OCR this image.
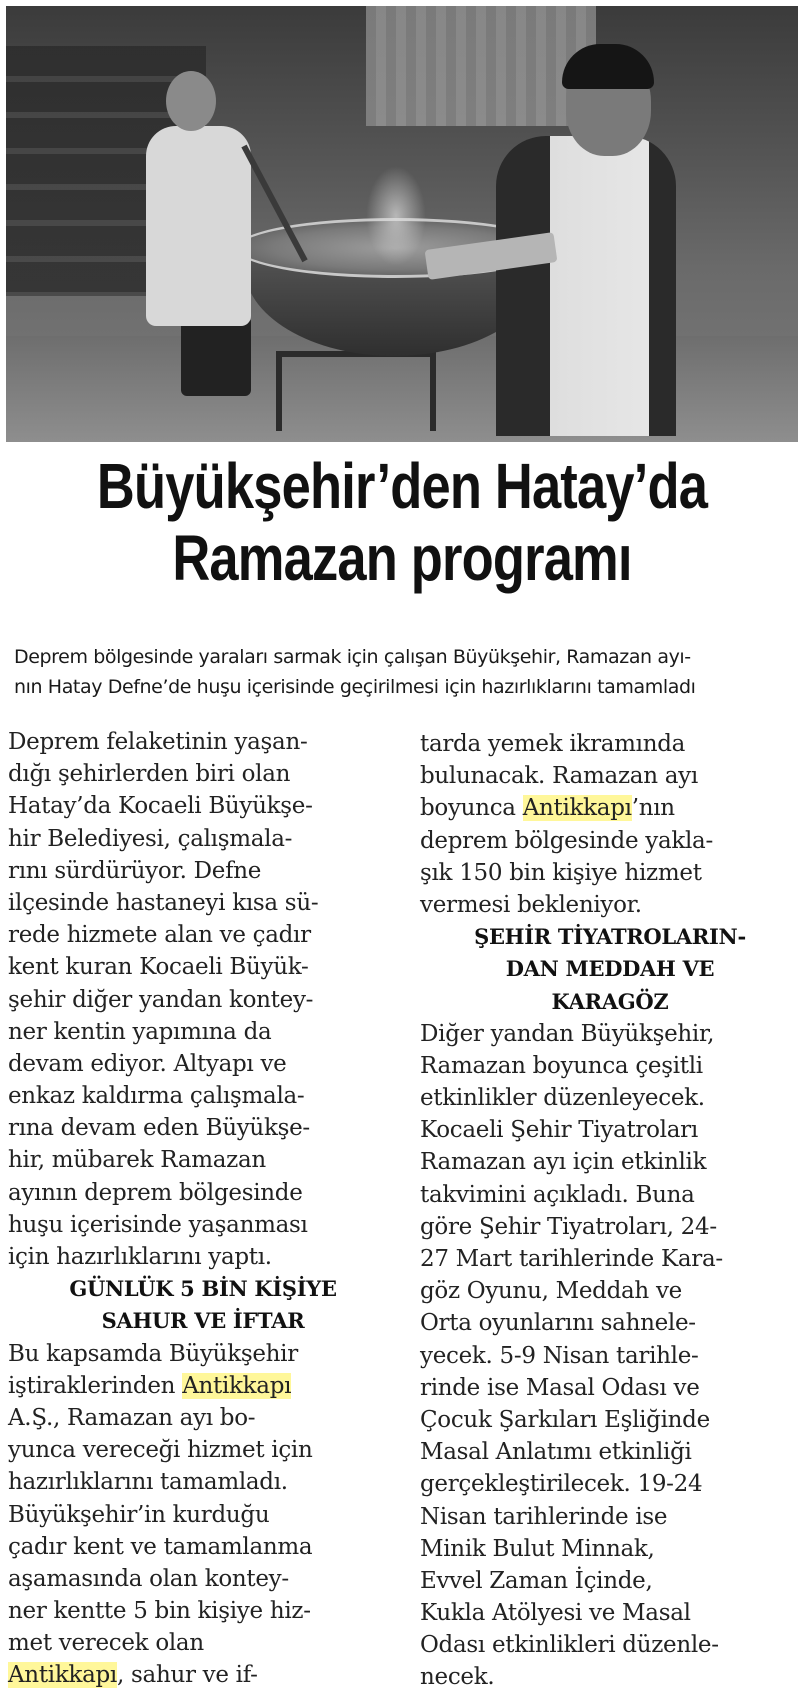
Büyükşehir’den Hatay’da
Ramazan programı
Deprem bölgesinde yaraları sarmak için çalışan Büyükşehir, Ramazan ayı-
nın Hatay Defne’de huşu içerisinde geçirilmesi için hazırlıklarını tamamladı
Deprem felaketinin yaşan-
dığı şehirlerden biri olan
Hatay’da Kocaeli Büyükşe-
hir Belediyesi, çalışmala-
rını sürdürüyor. Defne
ilçesinde hastaneyi kısa sü-
rede hizmete alan ve çadır
kent kuran Kocaeli Büyük-
şehir diğer yandan kontey-
ner kentin yapımına da
devam ediyor. Altyapı ve
enkaz kaldırma çalışmala-
rına devam eden Büyükşe-
hir, mübarek Ramazan
ayının deprem bölgesinde
huşu içerisinde yaşanması
için hazırlıklarını yaptı.
GÜNLÜK 5 BİN KİŞİYE
SAHUR VE İFTAR
Bu kapsamda Büyükşehir
iştiraklerinden Antikkapı
A.Ş., Ramazan ayı bo-
yunca vereceği hizmet için
hazırlıklarını tamamladı.
Büyükşehir’in kurduğu
çadır kent ve tamamlanma
aşamasında olan kontey-
ner kentte 5 bin kişiye hiz-
met verecek olan
Antikkapı, sahur ve if-
tarda yemek ikramında
bulunacak. Ramazan ayı
boyunca Antikkapı’nın
deprem bölgesinde yakla-
şık 150 bin kişiye hizmet
vermesi bekleniyor.
ŞEHİR TİYATROLARIN-
DAN MEDDAH VE
KARAGÖZ
Diğer yandan Büyükşehir,
Ramazan boyunca çeşitli
etkinlikler düzenleyecek.
Kocaeli Şehir Tiyatroları
Ramazan ayı için etkinlik
takvimini açıkladı. Buna
göre Şehir Tiyatroları, 24-
27 Mart tarihlerinde Kara-
göz Oyunu, Meddah ve
Orta oyunlarını sahnele-
yecek. 5-9 Nisan tarihle-
rinde ise Masal Odası ve
Çocuk Şarkıları Eşliğinde
Masal Anlatımı etkinliği
gerçekleştirilecek. 19-24
Nisan tarihlerinde ise
Minik Bulut Minnak,
Evvel Zaman İçinde,
Kukla Atölyesi ve Masal
Odası etkinlikleri düzenle-
necek.
